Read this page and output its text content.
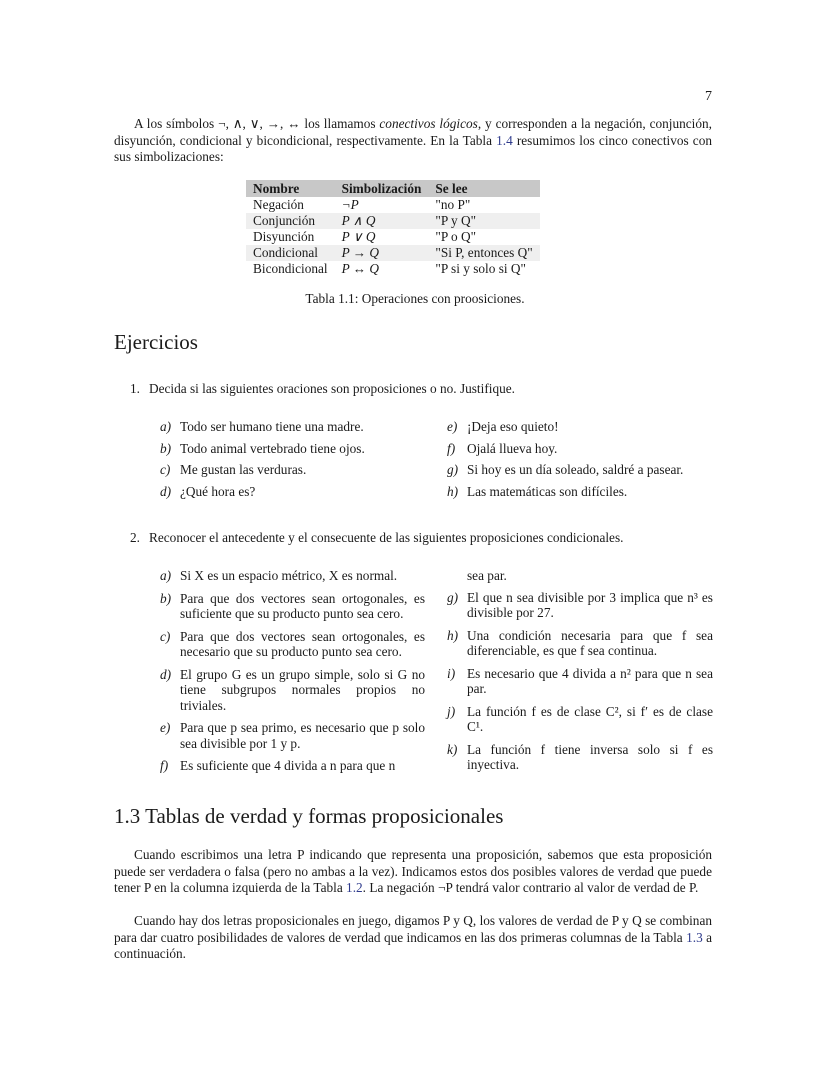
7
A los símbolos ¬, ∧, ∨, →, ↔ los llamamos conectivos lógicos, y corresponden a la negación, conjunción, disyunción, condicional y bicondicional, respectivamente. En la Tabla 1.4 resumimos los cinco conectivos con sus simbolizaciones:
Nombre	Simbolización	Se lee
Negación	¬P	"no P"
Conjunción	P ∧ Q	"P y Q"
Disyunción	P ∨ Q	"P o Q"
Condicional	P → Q	"Si P, entonces Q"
Bicondicional	P ↔ Q	"P si y solo si Q"
Tabla 1.1: Operaciones con proosiciones.
Ejercicios
1. Decida si las siguientes oraciones son proposiciones o no. Justifique.
a) Todo ser humano tiene una madre.
b) Todo animal vertebrado tiene ojos.
c) Me gustan las verduras.
d) ¿Qué hora es?
e) ¡Deja eso quieto!
f) Ojalá llueva hoy.
g) Si hoy es un día soleado, saldré a pasear.
h) Las matemáticas son difíciles.
2. Reconocer el antecedente y el consecuente de las siguientes proposiciones condicionales.
a) Si X es un espacio métrico, X es normal.
b) Para que dos vectores sean ortogonales, es suficiente que su producto punto sea cero.
c) Para que dos vectores sean ortogonales, es necesario que su producto punto sea cero.
d) El grupo G es un grupo simple, solo si G no tiene subgrupos normales propios no triviales.
e) Para que p sea primo, es necesario que p solo sea divisible por 1 y p.
f) Es suficiente que 4 divida a n para que n
sea par.
g) El que n sea divisible por 3 implica que n³ es divisible por 27.
h) Una condición necesaria para que f sea diferenciable, es que f sea continua.
i) Es necesario que 4 divida a n² para que n sea par.
j) La función f es de clase C², si f′ es de clase C¹.
k) La función f tiene inversa solo si f es inyectiva.
1.3 Tablas de verdad y formas proposicionales
Cuando escribimos una letra P indicando que representa una proposición, sabemos que esta proposición puede ser verdadera o falsa (pero no ambas a la vez). Indicamos estos dos posibles valores de verdad que puede tener P en la columna izquierda de la Tabla 1.2. La negación ¬P tendrá valor contrario al valor de verdad de P.
Cuando hay dos letras proposicionales en juego, digamos P y Q, los valores de verdad de P y Q se combinan para dar cuatro posibilidades de valores de verdad que indicamos en las dos primeras columnas de la Tabla 1.3 a continuación.
